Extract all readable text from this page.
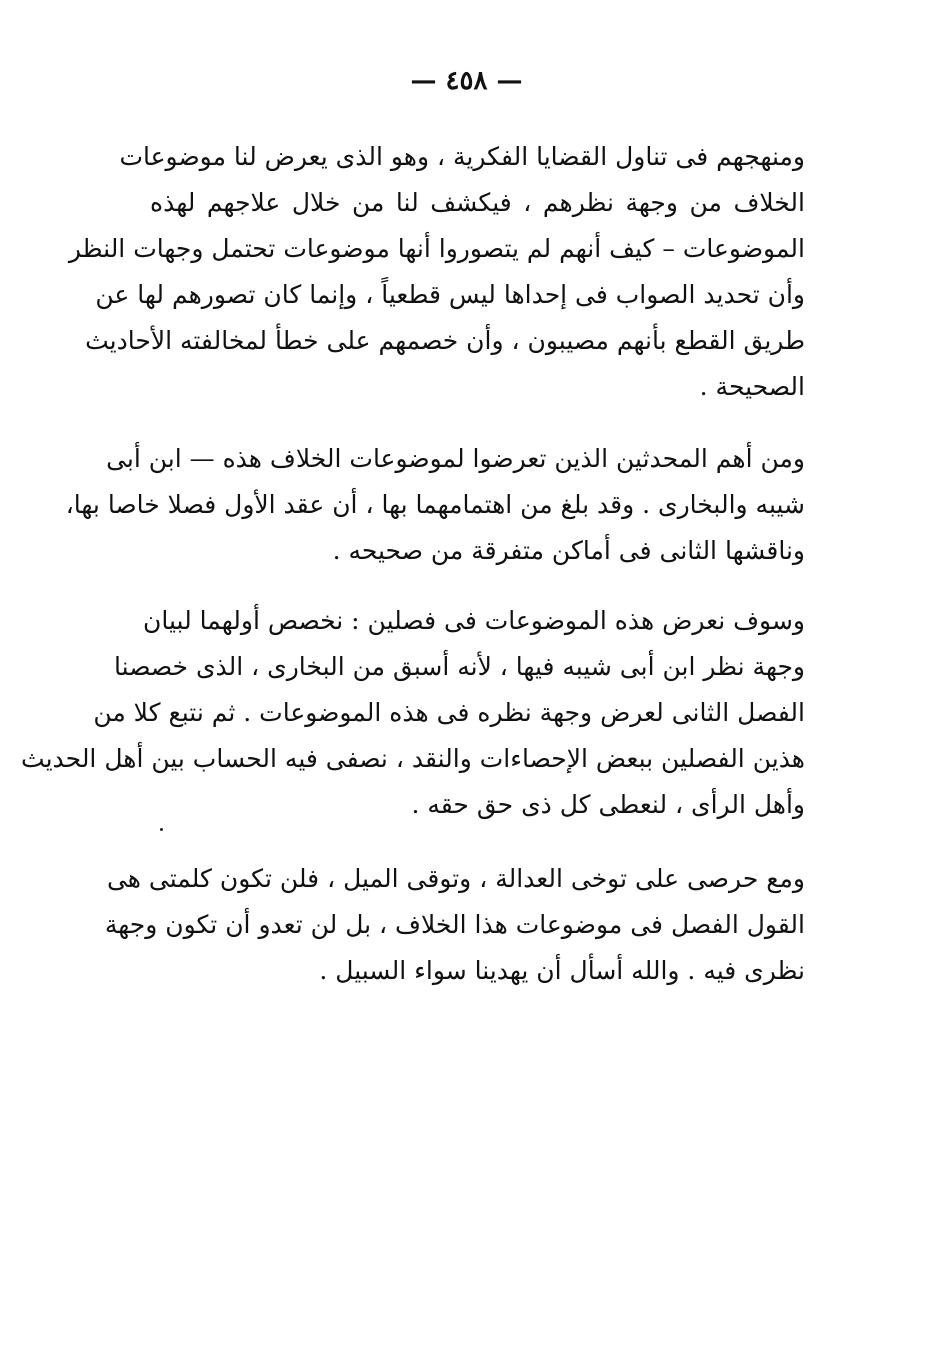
— ٤٥٨ —
ومنهجهم فى تناول القضايا الفكرية ، وهو الذى يعرض لنا موضوعات
الخلاف من وجهة نظرهم ، فيكشف لنا من خلال علاجهم لهذه
الموضوعات – كيف أنهم لم يتصوروا أنها موضوعات تحتمل وجهات النظر
وأن تحديد الصواب فى إحداها ليس قطعياً ، وإنما كان تصورهم لها عن
طريق القطع بأنهم مصيبون ، وأن خصمهم على خطأ لمخالفته الأحاديث
الصحيحة .
ومن أهم المحدثين الذين تعرضوا لموضوعات الخلاف هذه — ابن أبى
شيبه والبخارى . وقد بلغ من اهتمامهما بها ، أن عقد الأول فصلا خاصا بها،
وناقشها الثانى فى أماكن متفرقة من صحيحه .
وسوف نعرض هذه الموضوعات فى فصلين : نخصص أولهما لبيان
وجهة نظر ابن أبى شيبه فيها ، لأنه أسبق من البخارى ، الذى خصصنا
الفصل الثانى لعرض وجهة نظره فى هذه الموضوعات . ثم نتبع كلا من
هذين الفصلين ببعض الإحصاءات والنقد ، نصفى فيه الحساب بين أهل الحديث
وأهل الرأى ، لنعطى كل ذى حق حقه .
ومع حرصى على توخى العدالة ، وتوقى الميل ، فلن تكون كلمتى هى
القول الفصل فى موضوعات هذا الخلاف ، بل لن تعدو أن تكون وجهة
نظرى فيه . والله أسأل أن يهدينا سواء السبيل .
